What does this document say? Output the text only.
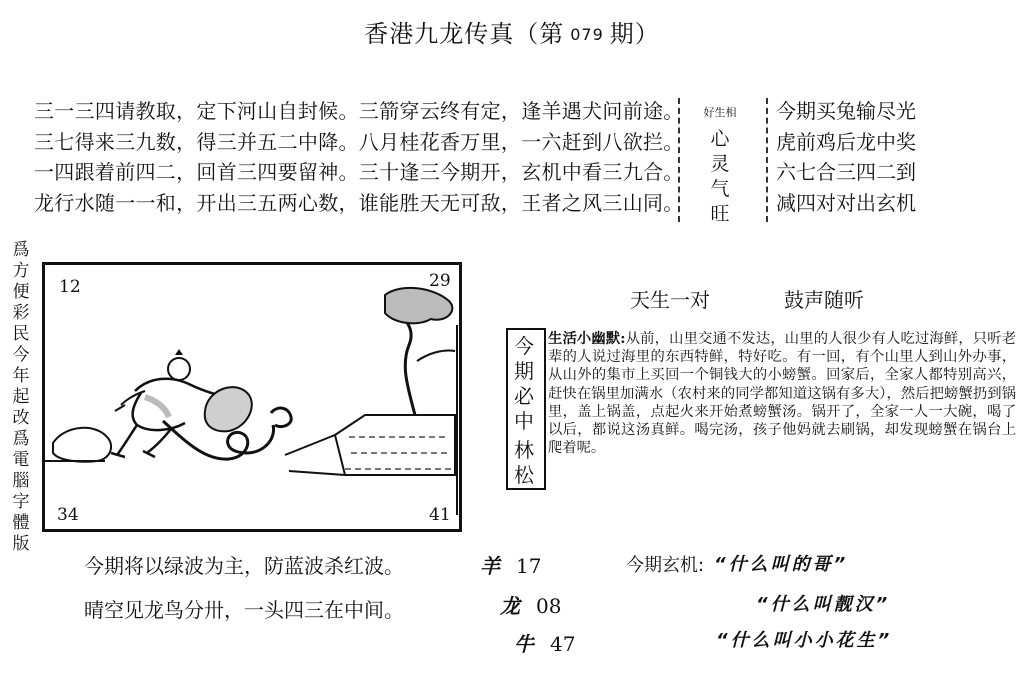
香港九龙传真（第 079 期）
三一三四请教取，定下河山自封候。三箭穿云终有定，逢羊遇犬问前途。
三七得来三九数，得三并五二中降。八月桂花香万里，一六赶到八欲拦。
一四跟着前四二，回首三四要留神。三十逢三今期开，玄机中看三九合。
龙行水随一一和，开出三五两心数，谁能胜天无可敌，王者之风三山同。
好生相
心
灵
气
旺
今期买兔输尽光
虎前鸡后龙中奖
六七合三四二到
减四对对出玄机
爲方便彩民今年起改爲電腦字體版
12	29
34	41
天生一对	鼓声随听
今期必中
林松
生活小幽默:从前，山里交通不发达，山里的人很少有人吃过海鲜，只听老辈的人说过海里的东西特鲜，特好吃。有一回，有个山里人到山外办事，从山外的集市上买回一个铜钱大的小螃蟹。回家后，全家人都特别高兴，赶快在锅里加满水（农村来的同学都知道这锅有多大），然后把螃蟹扔到锅里，盖上锅盖，点起火来开始煮螃蟹汤。锅开了，全家一人一大碗，喝了以后，都说这汤真鲜。喝完汤，孩子他妈就去刷锅，却发现螃蟹在锅台上爬着呢。
今期将以绿波为主，防蓝波杀红波。
晴空见龙鸟分卅，一头四三在中间。
羊 17
龙 08
牛 47
今期玄机: “什么叫的哥”
“什么叫靓汉”
“什么叫小小花生”
